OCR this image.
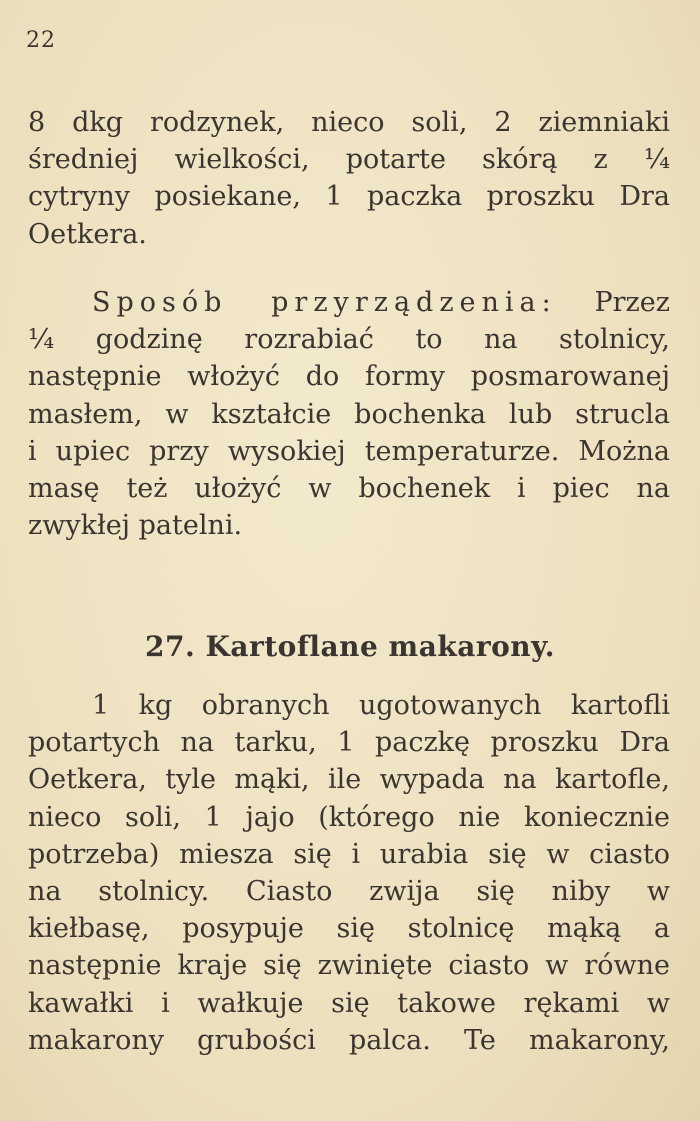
22

8 dkg rodzynek, nieco soli, 2 ziemniaki

średniej wielkości, potarte skórą z ¼

cytryny posiekane, 1 paczka proszku Dra

Oetkera.

Sposób przyrządzenia: Przez

¼ godzinę rozrabiać to na stolnicy,

następnie włożyć do formy posmarowanej

masłem, w kształcie bochenka lub strucla

i upiec przy wysokiej temperaturze. Można

masę też ułożyć w bochenek i piec na

zwykłej patelni.

27. Kartoflane makarony.

1 kg obranych ugotowanych kartofli

potartych na tarku, 1 paczkę proszku Dra

Oetkera, tyle mąki, ile wypada na kartofle,

nieco soli, 1 jajo (którego nie koniecznie

potrzeba) miesza się i urabia się w ciasto

na stolnicy. Ciasto zwija się niby w

kiełbasę, posypuje się stolnicę mąką a

następnie kraje się zwinięte ciasto w równe

kawałki i wałkuje się takowe rękami w

makarony grubości palca. Te makarony,
